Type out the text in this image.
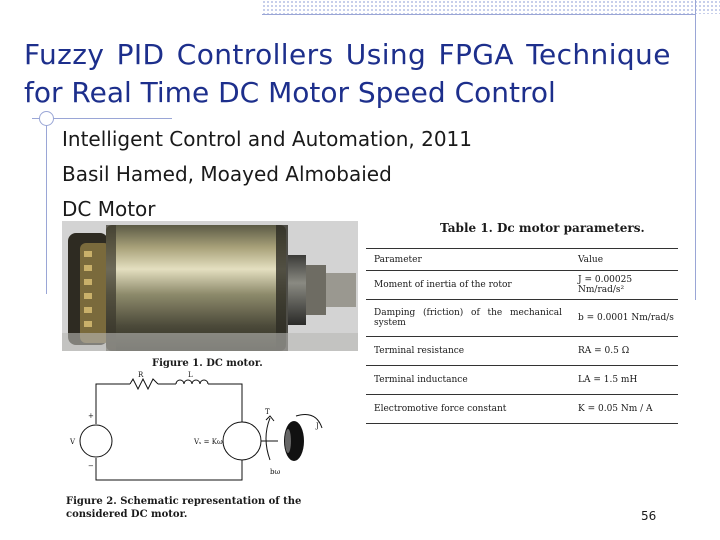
Fuzzy PID Controllers Using FPGA Technique
for Real Time DC Motor Speed Control
Intelligent Control and Automation, 2011
Basil Hamed, Moayed Almobaied
DC Motor
Figure 1. DC motor.
R	L
V
+
−
Vₛ = Kω
T
J
bω
Figure 2. Schematic representation of the considered DC motor.
Table 1. Dc motor parameters.
Parameter	Value
Moment of inertia of the rotor	J = 0.00025 Nm/rad/s²
Damping (friction) of the mechanical system	b = 0.0001 Nm/rad/s
Terminal resistance	RA = 0.5 Ω
Terminal inductance	LA = 1.5 mH
Electromotive force constant	K = 0.05 Nm / A
56
